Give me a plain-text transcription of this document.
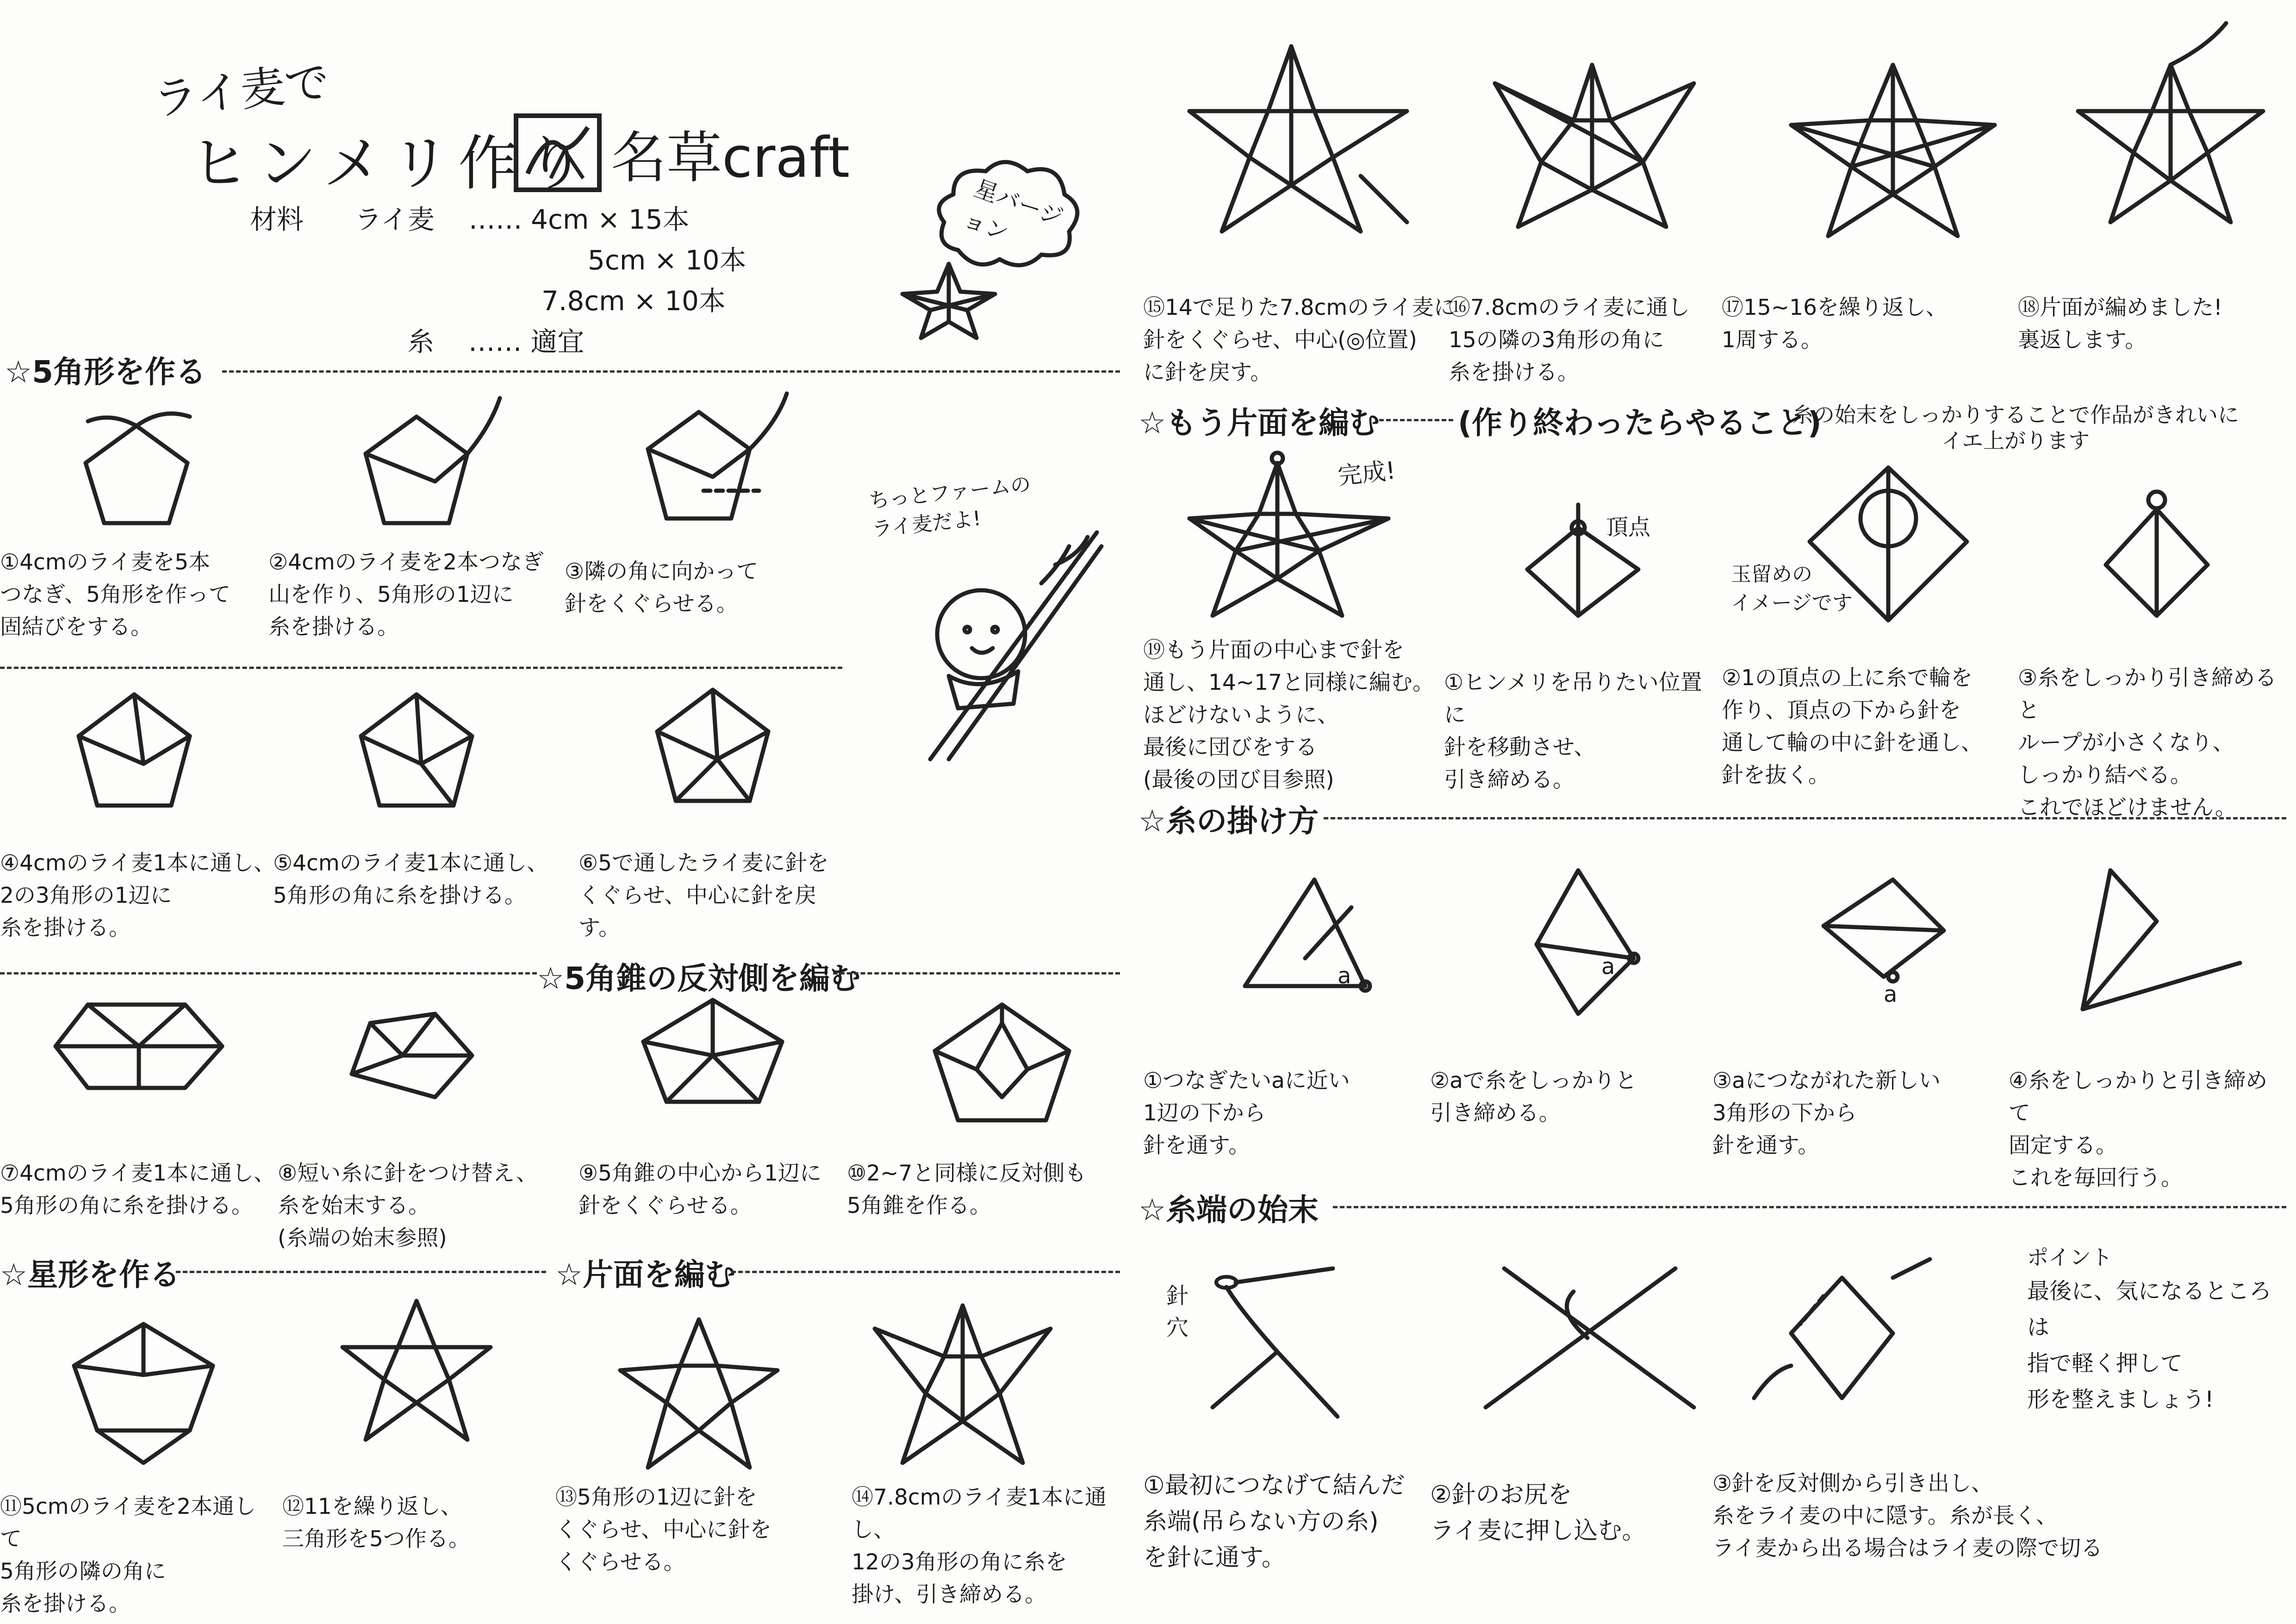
ライ麦で
ヒンメリ作り 名草craft
材料 ライ麦 …… 4cm × 15本
5cm × 10本
7.8cm × 10本
糸 …… 適宜
星バージョン
☆5角形を作る
①4cmのライ麦を5本
つなぎ、5角形を作って
固結びをする。
②4cmのライ麦を2本つなぎ
山を作り、5角形の1辺に
糸を掛ける。
③隣の角に向かって
針をくぐらせる。
④4cmのライ麦1本に通し、
2の3角形の1辺に
糸を掛ける。
⑤4cmのライ麦1本に通し、
5角形の角に糸を掛ける。
⑥5で通したライ麦に針を
くぐらせ、中心に針を戻す。
☆5角錐の反対側を編む
⑦4cmのライ麦1本に通し、
5角形の角に糸を掛ける。
⑧短い糸に針をつけ替え、
糸を始末する。
(糸端の始末参照)
⑨5角錐の中心から1辺に
針をくぐらせる。
⑩2~7と同様に反対側も
5角錐を作る。
☆星形を作る	☆片面を編む
⑪5cmのライ麦を2本通して
5角形の隣の角に
糸を掛ける。
⑫11を繰り返し、
三角形を5つ作る。
⑬5角形の1辺に針を
くぐらせ、中心に針を
くぐらせる。
⑭7.8cmのライ麦1本に通し、
12の3角形の角に糸を
掛け、引き締める。
ちっとファームの
ライ麦だよ!
⑮14で足りた7.8cmのライ麦に
針をくぐらせ、中心(◎位置)
に針を戻す。
⑯7.8cmのライ麦に通し
15の隣の3角形の角に
糸を掛ける。
⑰15~16を繰り返し、
1周する。
⑱片面が編めました!
裏返します。
☆もう片面を編む	(作り終わったらやること)
糸の始末をしっかりすることで作品がきれいに
イエ上がります
完成!
⑲もう片面の中心まで針を
通し、14~17と同様に編む。
ほどけないように、
最後に団びをする
(最後の団び目参照)
頂点
玉留めの
イメージです
①ヒンメリを吊りたい位置に
針を移動させ、
引き締める。
②1の頂点の上に糸で輪を
作り、頂点の下から針を
通して輪の中に針を通し、
針を抜く。
③糸をしっかり引き締めると
ループが小さくなり、
しっかり結べる。
これでほどけません。
☆糸の掛け方
a	a
a
①つなぎたいaに近い
1辺の下から
針を通す。
②aで糸をしっかりと
引き締める。
③aにつながれた新しい
3角形の下から
針を通す。
④糸をしっかりと引き締めて
固定する。
これを毎回行う。
☆糸端の始末
針穴
ポイント
最後に、気になるところは
指で軽く押して
形を整えましょう!
①最初につなげて結んだ
糸端(吊らない方の糸)
を針に通す。
②針のお尻を
ライ麦に押し込む。
③針を反対側から引き出し、
糸をライ麦の中に隠す。糸が長く、
ライ麦から出る場合はライ麦の際で切る
